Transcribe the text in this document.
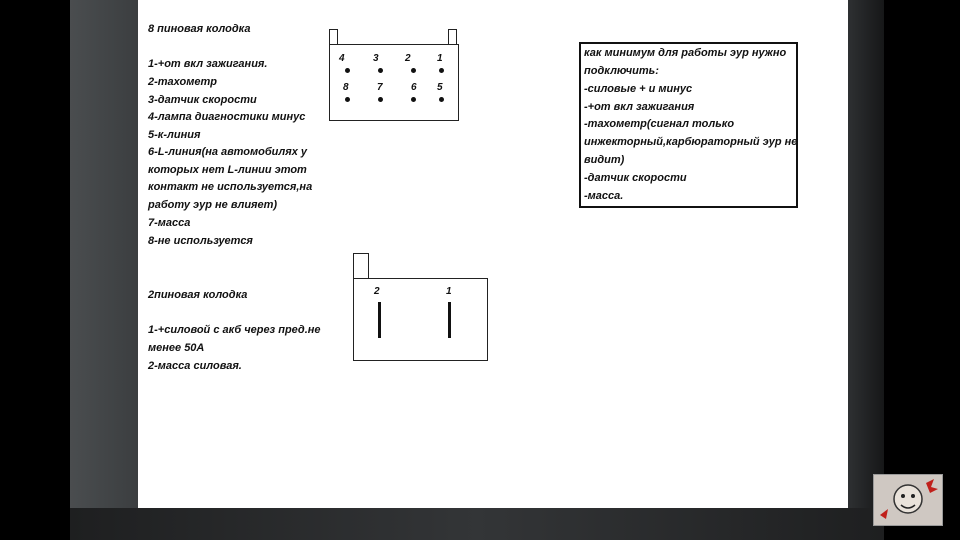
8 пиновая колодка
1-+от вкл зажигания.
2-тахометр
3-датчик скорости
4-лампа диагностики минус
5-к-линия
6-L-линия(на автомобилях у
которых нет L-линии этот
контакт не используется,на
работу эур не влияет)
7-масса
8-не используется
4	3	2	1
8	7	6 5
2пиновая колодка
1-+силовой с акб через пред.не
менее 50А
2-масса силовая.
2	1
как минимум для работы эур нужно
подключить:
-силовые + и минус
-+от вкл зажигания
-тахометр(сигнал только
инжекторный,карбюраторный эур не
видит)
-датчик скорости
-масса.
